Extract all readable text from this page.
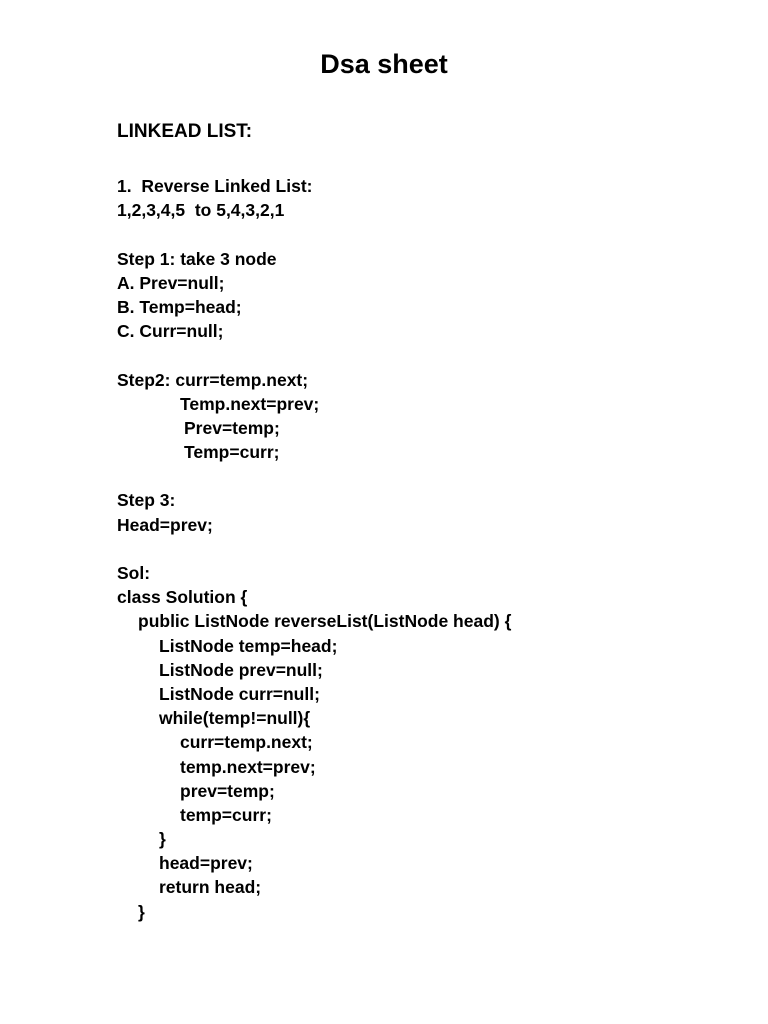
Dsa sheet
LINKEAD LIST:
1.  Reverse Linked List:
1,2,3,4,5  to 5,4,3,2,1
Step 1: take 3 node
A. Prev=null;
B. Temp=head;
C. Curr=null;
Step2: curr=temp.next;
Temp.next=prev;
Prev=temp;
Temp=curr;
Step 3:
Head=prev;
Sol:
class Solution {
public ListNode reverseList(ListNode head) {
ListNode temp=head;
ListNode prev=null;
ListNode curr=null;
while(temp!=null){
curr=temp.next;
temp.next=prev;
prev=temp;
temp=curr;
}
head=prev;
return head;
}
